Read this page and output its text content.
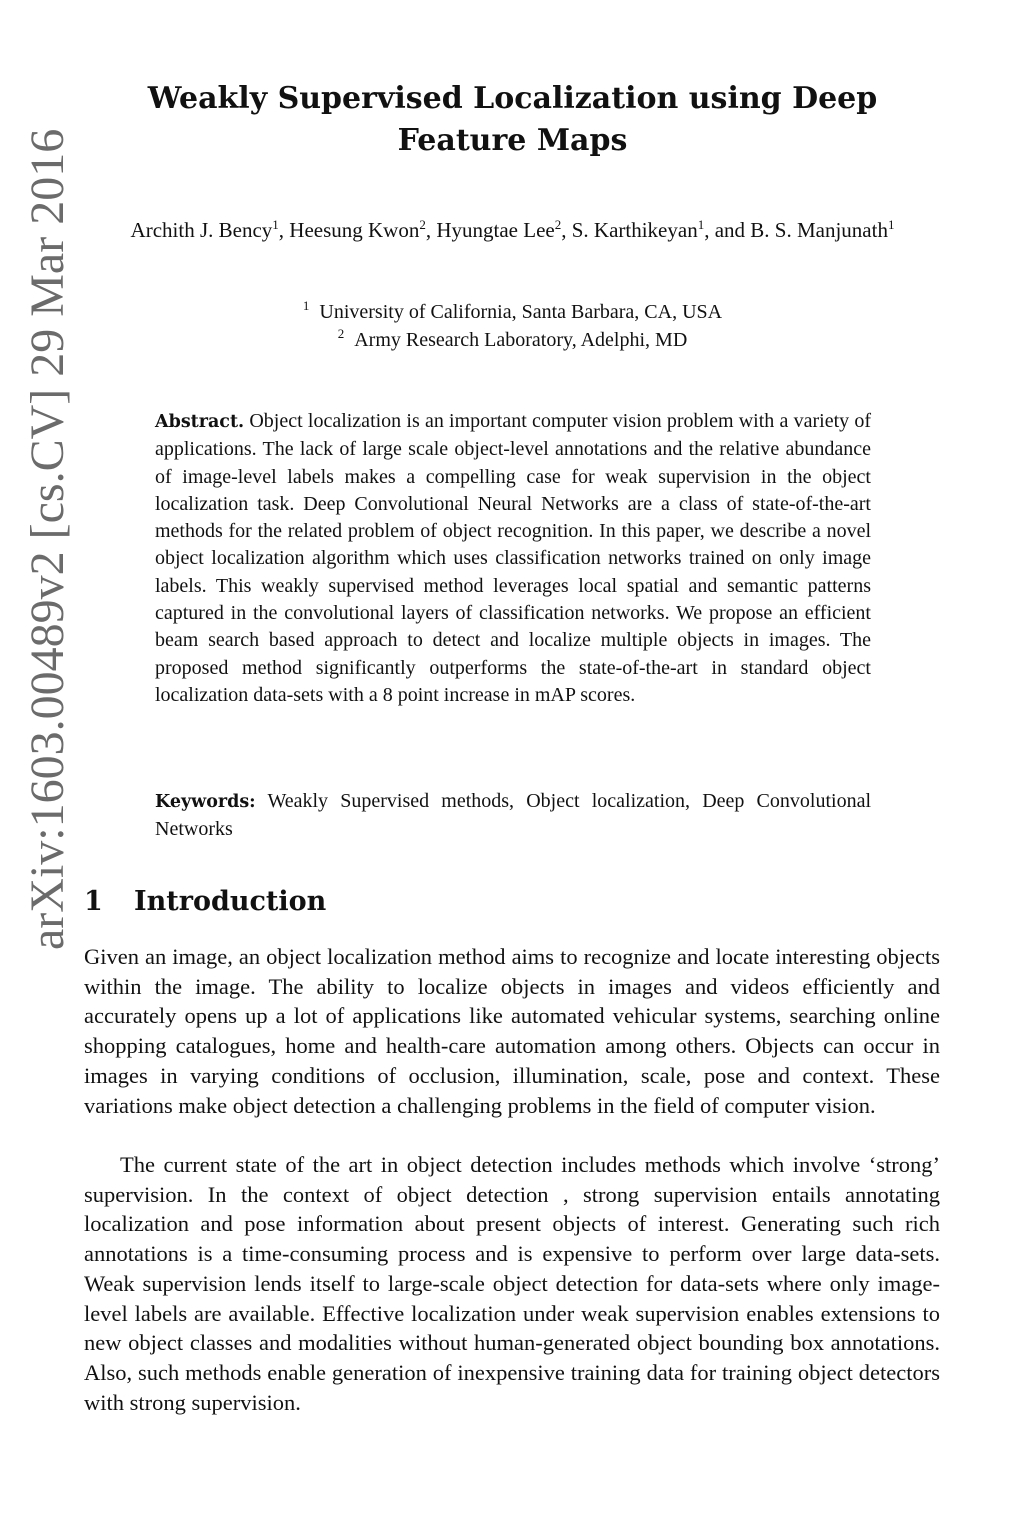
arXiv:1603.00489v2 [cs.CV] 29 Mar 2016
Weakly Supervised Localization using Deep Feature Maps

Archith J. Bency$^1$, Heesung Kwon$^2$, Hyungtae Lee$^2$, S. Karthikeyan$^1$, and B. S. Manjunath$^1$

$^1$ University of California, Santa Barbara, CA, USA

$^2$ Army Research Laboratory, Adelphi, MD

Abstract. Object localization is an important computer vision problem with a variety of applications. The lack of large scale object-level annotations and the relative abundance of image-level labels makes a compelling case for weak supervision in the object localization task. Deep Convolutional Neural Networks are a class of state-of-the-art methods for the related problem of object recognition. In this paper, we describe a novel object localization algorithm which uses classification networks trained on only image labels. This weakly supervised method leverages local spatial and semantic patterns captured in the convolutional layers of classification networks. We propose an efficient beam search based approach to detect and localize multiple objects in images. The proposed method significantly outperforms the state-of-the-art in standard object localization data-sets with a 8 point increase in mAP scores.

Keywords: Weakly Supervised methods, Object localization, Deep Convolutional Networks

1 Introduction

Given an image, an object localization method aims to recognize and locate interesting objects within the image. The ability to localize objects in images and videos efficiently and accurately opens up a lot of applications like automated vehicular systems, searching online shopping catalogues, home and health-care automation among others. Objects can occur in images in varying conditions of occlusion, illumination, scale, pose and context. These variations make object detection a challenging problems in the field of computer vision.

The current state of the art in object detection includes methods which involve ‘strong’ supervision. In the context of object detection , strong supervision entails annotating localization and pose information about present objects of interest. Generating such rich annotations is a time-consuming process and is expensive to perform over large data-sets. Weak supervision lends itself to large-scale object detection for data-sets where only image-level labels are available. Effective localization under weak supervision enables extensions to new object classes and modalities without human-generated object bounding box annotations. Also, such methods enable generation of inexpensive training data for training object detectors with strong supervision.
